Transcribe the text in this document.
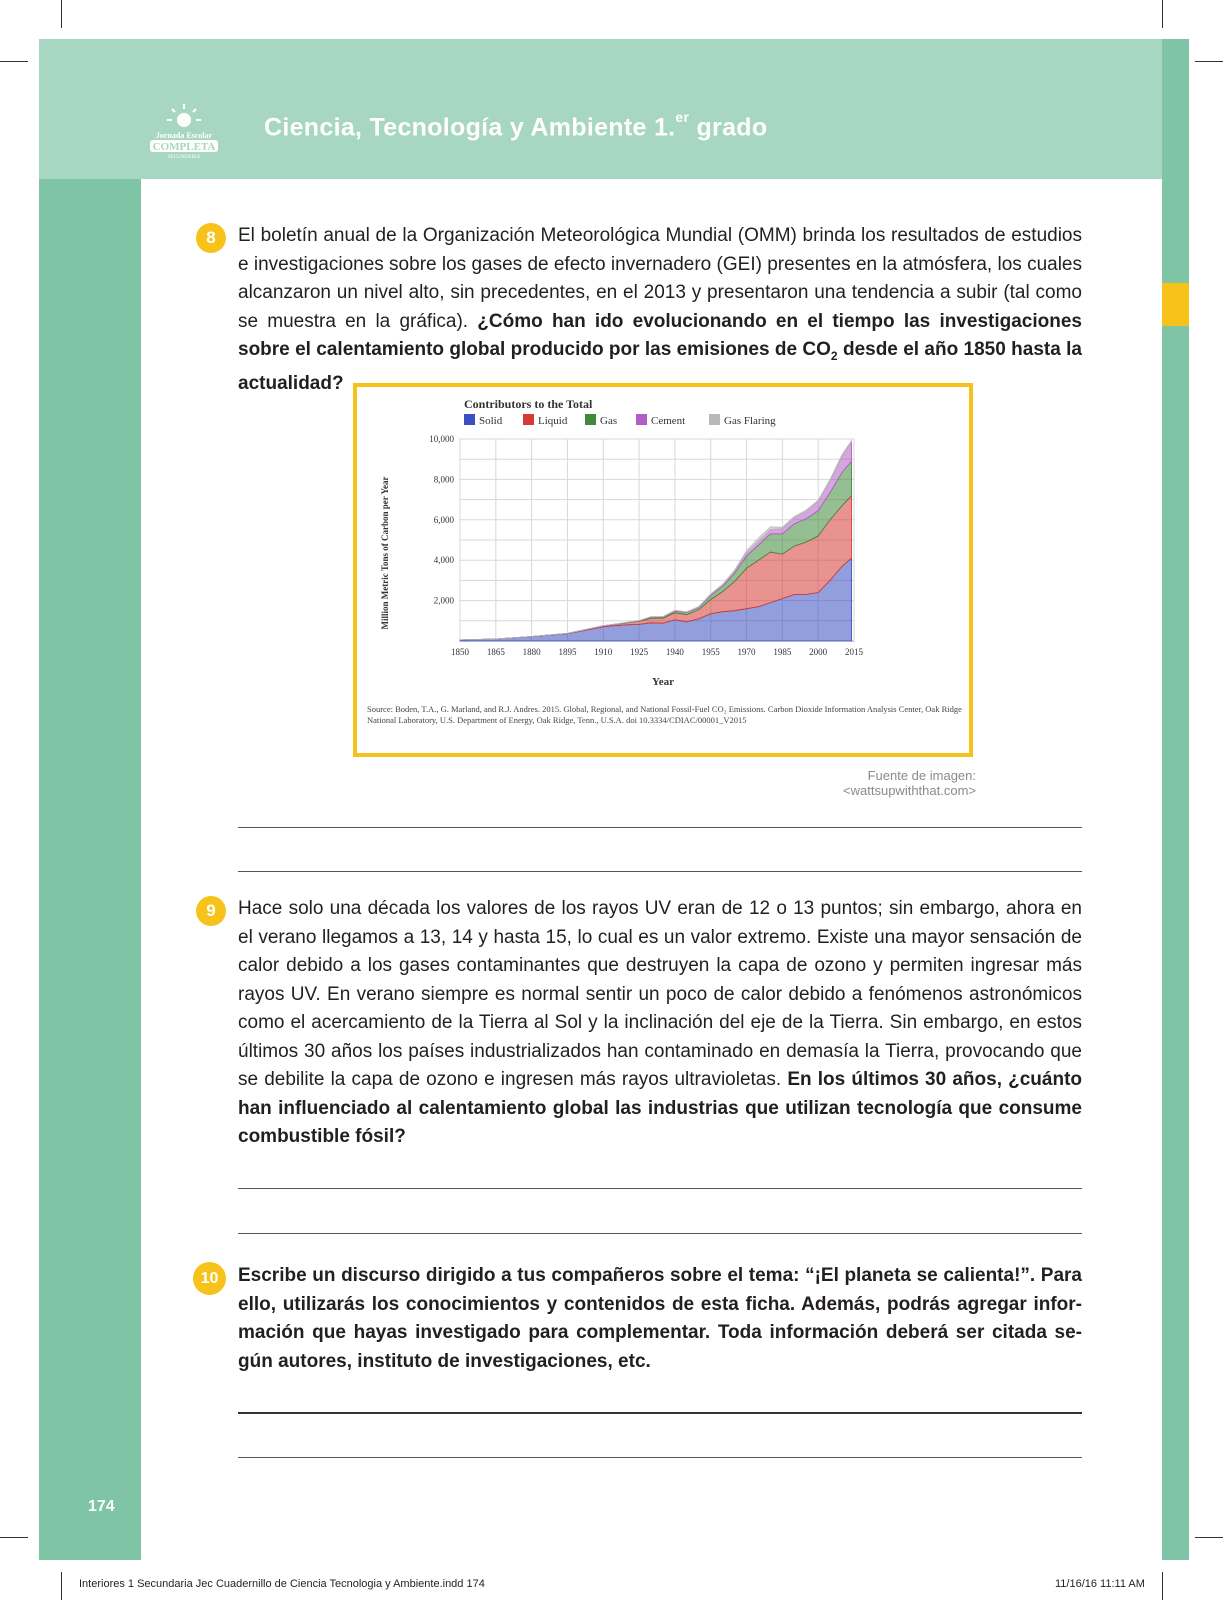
Jornada Escolar
COMPLETA
SECUNDARIA
Ciencia, Tecnología y Ambiente 1.$^{er}$ grado
8	El boletín anual de la Organización Meteorológica Mundial (OMM) brinda los resultados de estudios e investigaciones sobre los gases de efecto invernadero (GEI) presentes en la atmósfera, los cuales alcanzaron un nivel alto, sin precedentes, en el 2013 y presentaron una tendencia a subir (tal como se muestra en la gráfica). ¿Cómo han ido evolucionando en el tiempo las investigaciones sobre el calentamiento global producido por las emisiones de $CO_2$ desde el año 1850 hasta la actualidad?
Contributors to the Total
Solid	Liquid	Gas	Cement	Gas Flaring
1850 1865 1880 1895 1910 1925 1940 1955 1970 1985 2000 2015
2,000
4,000
6,000
8,000
10,000
Year
Million Metric Tons of Carbon per Year
Source: Boden, T.A., G. Marland, and R.J. Andres. 2015. Global, Regional, and National Fossil-Fuel CO₂ Emissions. Carbon Dioxide Information Analysis Center, Oak Ridge National Laboratory, U.S. Department of Energy, Oak Ridge, Tenn., U.S.A. doi 10.3334/CDIAC/00001_V2015
Fuente de imagen: <wattsupwiththat.com>
9	Hace solo una década los valores de los rayos UV eran de 12 o 13 puntos; sin embargo, ahora en el verano llegamos a 13, 14 y hasta 15, lo cual es un valor extremo. Existe una mayor sensación de calor debido a los gases contaminantes que destruyen la capa de ozono y permiten ingresar más rayos UV. En verano siempre es normal sentir un poco de calor debido a fenómenos astronómicos como el acercamiento de la Tierra al Sol y la inclinación del eje de la Tierra. Sin embargo, en estos últimos 30 años los países industrializados han contaminado en demasía la Tierra, provocando que se debilite la capa de ozono e ingresen más rayos ultravioletas. En los últimos 30 años, ¿cuánto han influenciado al calentamiento global las industrias que utilizan tecnología que consume combustible fósil?
10	Escribe un discurso dirigido a tus compañeros sobre el tema: “¡El planeta se calienta!”. Para ello, utilizarás los conocimientos y contenidos de esta ficha. Además, podrás agregar información que hayas investigado para complementar. Toda información deberá ser citada según autores, instituto de investigaciones, etc.
174
Interiores 1 Secundaria Jec Cuadernillo de Ciencia Tecnologia y Ambiente.indd 174	11/16/16 11:11 AM
